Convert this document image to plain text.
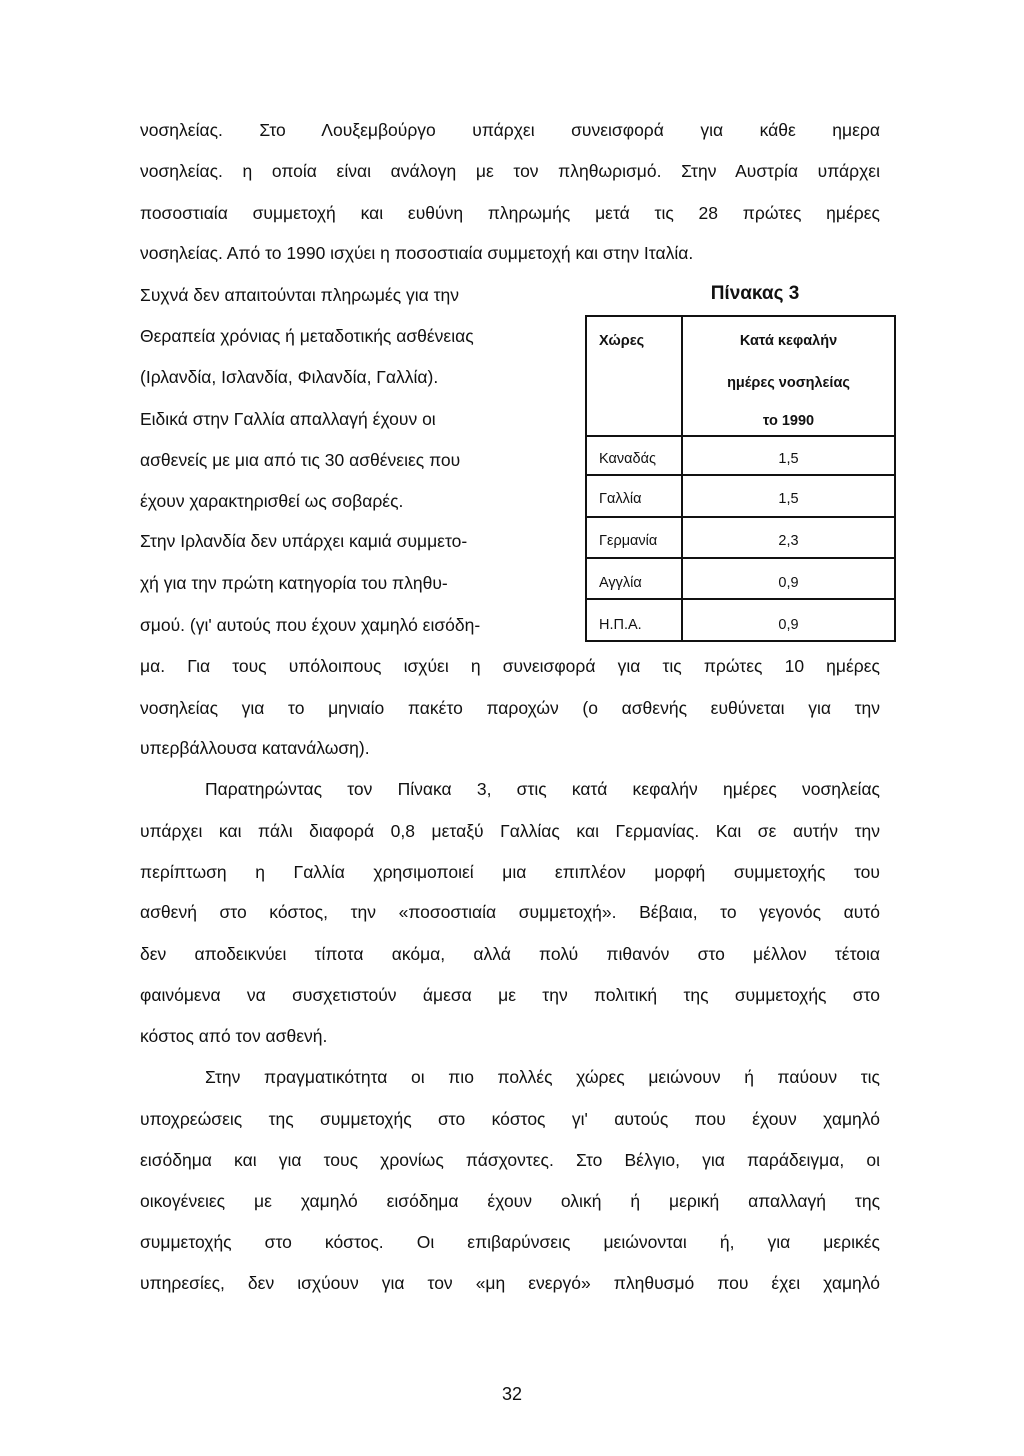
νοσηλείας. Στο Λουξεμβούργο υπάρχει συνεισφορά για κάθε ημερα
νοσηλείας. η οποία είναι ανάλογη με τον πληθωρισμό. Στην Αυστρία υπάρχει
ποσοστιαία συμμετοχή και ευθύνη πληρωμής μετά τις 28 πρώτες ημέρες
νοσηλείας. Από το 1990 ισχύει η ποσοστιαία συμμετοχή και στην Ιταλία.
Συχνά δεν απαιτούνται πληρωμές για την
Θεραπεία χρόνιας ή μεταδοτικής ασθένειας
(Ιρλανδία, Ισλανδία, Φιλανδία, Γαλλία).
Ειδικά στην Γαλλία απαλλαγή έχουν οι
ασθενείς με μια από τις 30 ασθένειες που
έχουν χαρακτηρισθεί ως σοβαρές.
Στην Ιρλανδία δεν υπάρχει καμιά συμμετο-
χή για την πρώτη κατηγορία του πληθυ-
σμού. (γι' αυτούς που έχουν χαμηλό εισόδη-
Πίνακας 3
Χώρες	Κατά κεφαλήν
ημέρες νοσηλείας
το 1990
Καναδάς	1,5
Γαλλία	1,5
Γερμανία	2,3
Αγγλία	0,9
Η.Π.Α.	0,9
μα. Για τους υπόλοιπους ισχύει η συνεισφορά για τις πρώτες 10 ημέρες
νοσηλείας για το μηνιαίο πακέτο παροχών (ο ασθενής ευθύνεται για την
υπερβάλλουσα κατανάλωση).
Παρατηρώντας τον Πίνακα 3, στις κατά κεφαλήν ημέρες νοσηλείας
υπάρχει και πάλι διαφορά 0,8 μεταξύ Γαλλίας και Γερμανίας. Και σε αυτήν την
περίπτωση η Γαλλία χρησιμοποιεί μια επιπλέον μορφή συμμετοχής του
ασθενή στο κόστος, την «ποσοστιαία συμμετοχή». Βέβαια, το γεγονός αυτό
δεν αποδεικνύει τίποτα ακόμα, αλλά πολύ πιθανόν στο μέλλον τέτοια
φαινόμενα να συσχετιστούν άμεσα με την πολιτική της συμμετοχής στο
κόστος από τον ασθενή.
Στην πραγματικότητα οι πιο πολλές χώρες μειώνουν ή παύουν τις
υποχρεώσεις της συμμετοχής στο κόστος γι' αυτούς που έχουν χαμηλό
εισόδημα και για τους χρονίως πάσχοντες. Στο Βέλγιο, για παράδειγμα, οι
οικογένειες με χαμηλό εισόδημα έχουν ολική ή μερική απαλλαγή της
συμμετοχής στο κόστος. Οι επιβαρύνσεις μειώνονται ή, για μερικές
υπηρεσίες, δεν ισχύουν για τον «μη ενεργό» πληθυσμό που έχει χαμηλό
32
